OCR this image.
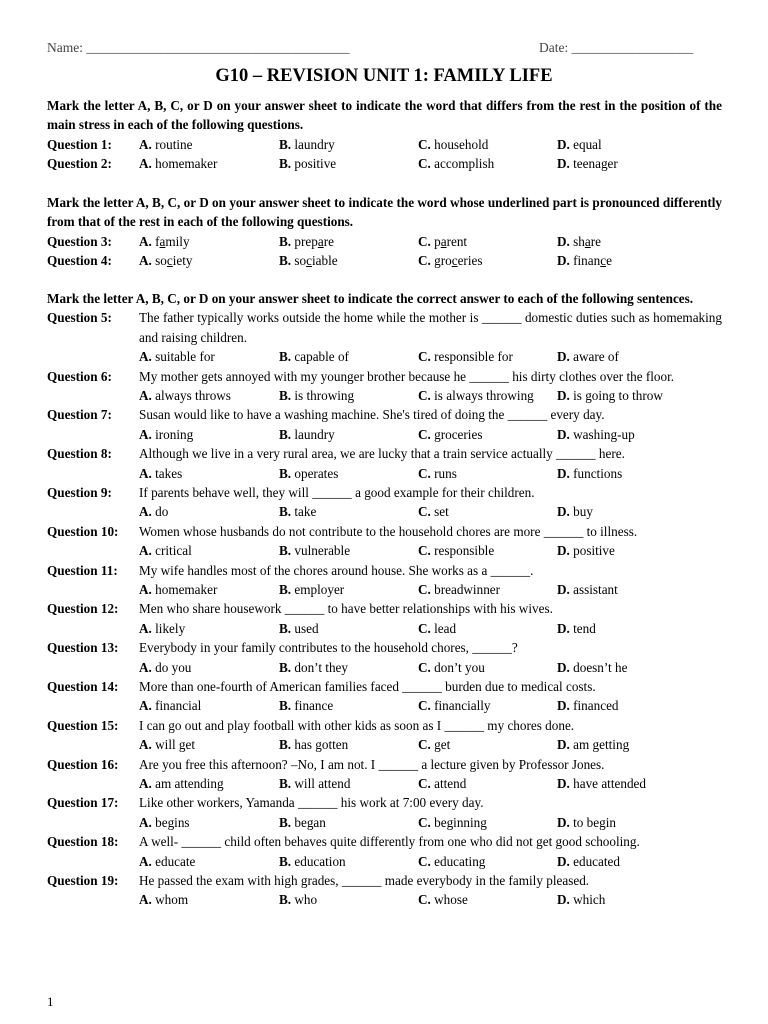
Name: _______________________________________	Date: __________________
G10 – REVISION UNIT 1: FAMILY LIFE

Mark the letter A, B, C, or D on your answer sheet to indicate the word that differs from the rest in the position of the main stress in each of the following questions.

Question 1: A. routine	B. laundry	C. household	D. equal
Question 2: A. homemaker	B. positive	C. accomplish	D. teenager

Mark the letter A, B, C, or D on your answer sheet to indicate the word whose underlined part is pronounced differently from that of the rest in each of the following questions.

Question 3: A. family	B. prepare	C. parent	D. share
Question 4: A. society	B. sociable	C. groceries	D. finance

Mark the letter A, B, C, or D on your answer sheet to indicate the correct answer to each of the following sentences.

Question 5: The father typically works outside the home while the mother is ______ domestic duties such as homemaking and raising children.
A. suitable for	B. capable of	C. responsible for	D. aware of
Question 6: My mother gets annoyed with my younger brother because he ______ his dirty clothes over the floor.
A. always throws	B. is throwing	C. is always throwing D. is going to throw
Question 7: Susan would like to have a washing machine. She's tired of doing the ______ every day.
A. ironing	B. laundry	C. groceries	D. washing-up
Question 8: Although we live in a very rural area, we are lucky that a train service actually ______ here.
A. takes	B. operates	C. runs	D. functions
Question 9: If parents behave well, they will ______ a good example for their children.
A. do	B. take	C. set	D. buy
Question 10: Women whose husbands do not contribute to the household chores are more ______ to illness.
A. critical	B. vulnerable	C. responsible	D. positive
Question 11: My wife handles most of the chores around house. She works as a ______.
A. homemaker	B. employer	C. breadwinner	D. assistant
Question 12: Men who share housework ______ to have better relationships with his wives.
A. likely	B. used	C. lead	D. tend
Question 13: Everybody in your family contributes to the household chores, ______?
A. do you	B. don’t they	C. don’t you	D. doesn’t he
Question 14: More than one-fourth of American families faced ______ burden due to medical costs.
A. financial	B. finance	C. financially	D. financed
Question 15: I can go out and play football with other kids as soon as I ______ my chores done.
A. will get	B. has gotten	C. get	D. am getting
Question 16: Are you free this afternoon? –No, I am not. I ______ a lecture given by Professor Jones.
A. am attending	B. will attend	C. attend	D. have attended
Question 17: Like other workers, Yamanda ______ his work at 7:00 every day.
A. begins	B. began	C. beginning	D. to begin
Question 18: A well- ______ child often behaves quite differently from one who did not get good schooling.
A. educate	B. education	C. educating	D. educated
Question 19: He passed the exam with high grades, ______ made everybody in the family pleased.
A. whom	B. who	C. whose	D. which
1
